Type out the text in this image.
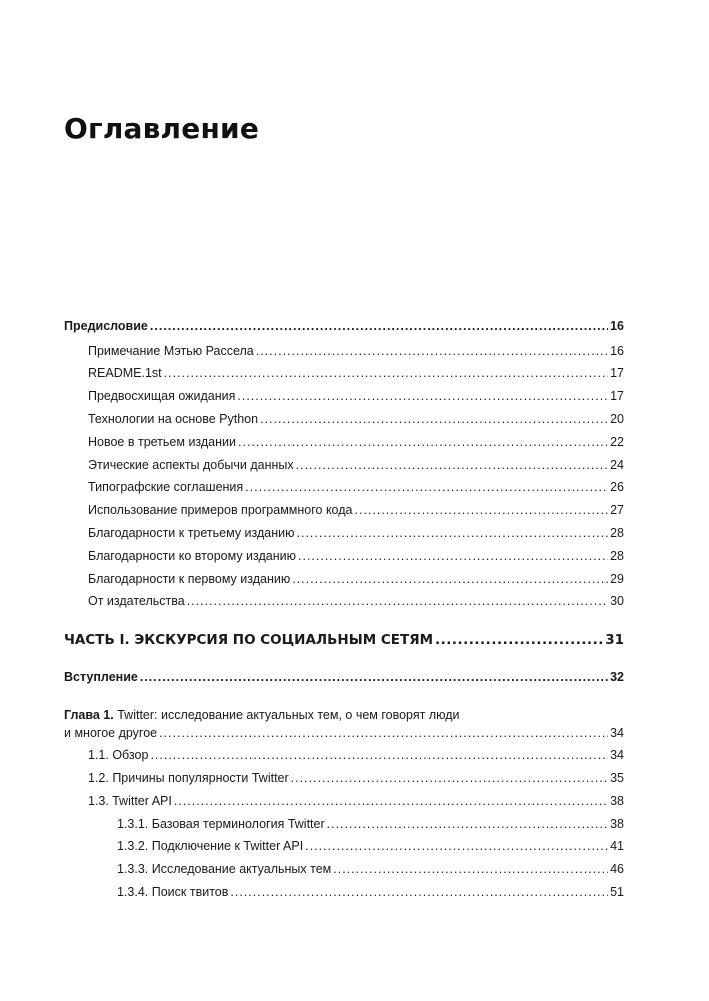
Оглавление
Предисловие .....	16
Примечание Мэтью Рассела .....	16
README.1st .....	17
Предвосхищая ожидания .....	17
Технологии на основе Python .....	20
Новое в третьем издании .....	22
Этические аспекты добычи данных .....	24
Типографские соглашения .....	26
Использование примеров программного кода .....	27
Благодарности к третьему изданию .....	28
Благодарности ко второму изданию .....	28
Благодарности к первому изданию .....	29
От издательства .....	30
ЧАСТЬ I. ЭКСКУРСИЯ ПО СОЦИАЛЬНЫМ СЕТЯМ .....	31
Вступление .....	32
Глава 1. Twitter: исследование актуальных тем, о чем говорят люди
и многое другое .....	34
1.1. Обзор .....	34
1.2. Причины популярности Twitter .....	35
1.3. Twitter API .....	38
1.3.1. Базовая терминология Twitter .....	38
1.3.2. Подключение к Twitter API .....	41
1.3.3. Исследование актуальных тем .....	46
1.3.4. Поиск твитов .....	51
